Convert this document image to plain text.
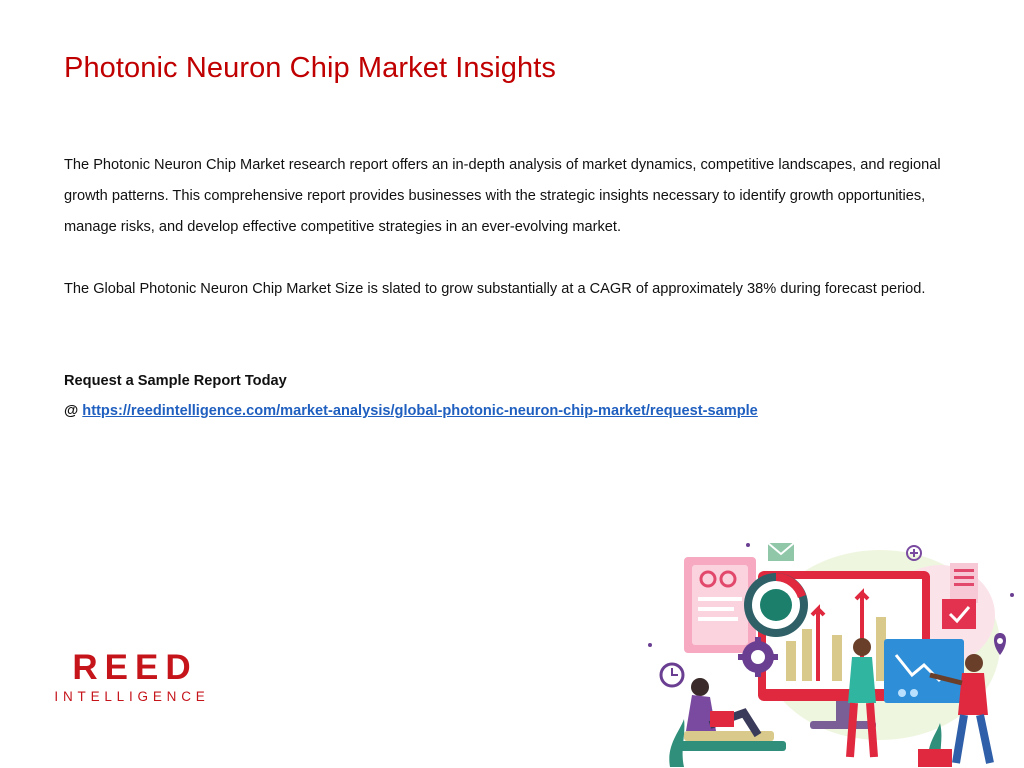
Photonic Neuron Chip Market Insights
The Photonic Neuron Chip Market research report offers an in-depth analysis of market dynamics, competitive landscapes, and regional growth patterns. This comprehensive report provides businesses with the strategic insights necessary to identify growth opportunities, manage risks, and develop effective competitive strategies in an ever-evolving market.
The Global Photonic Neuron Chip Market Size is slated to grow substantially at a CAGR of approximately 38% during forecast period.
Request a Sample Report Today
@ https://reedintelligence.com/market-analysis/global-photonic-neuron-chip-market/request-sample
REED
INTELLIGENCE
